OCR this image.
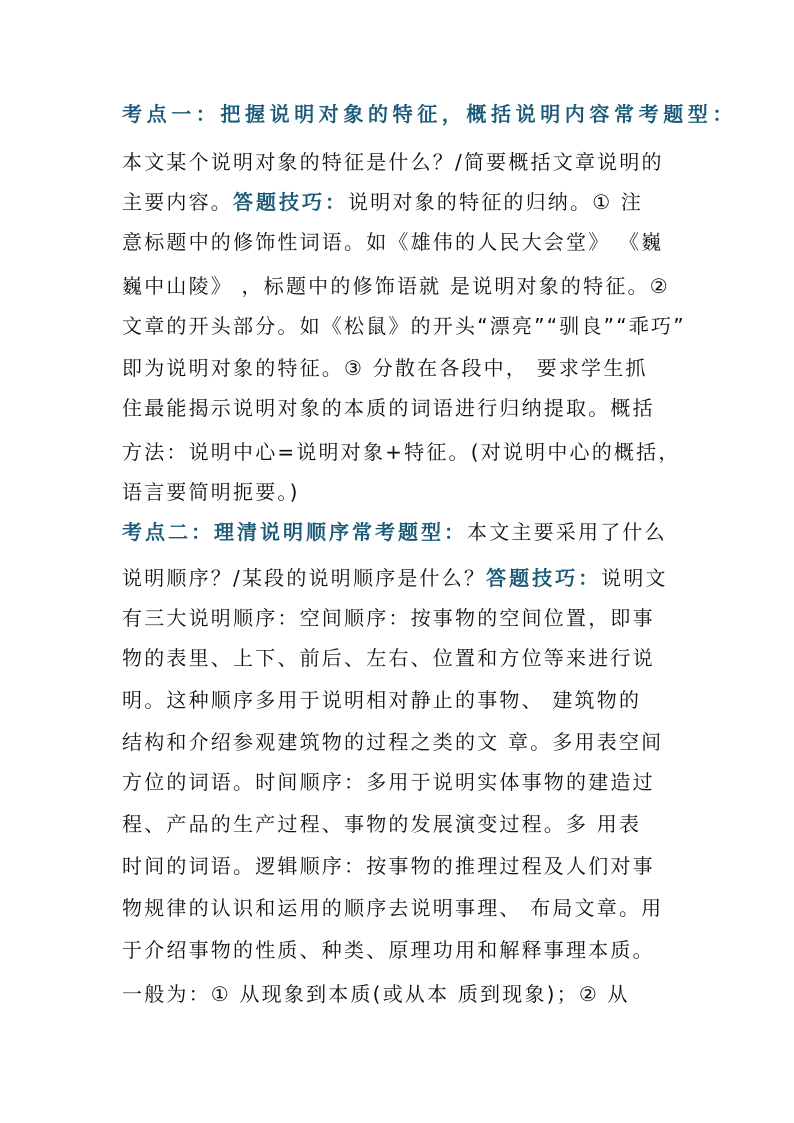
考点一：把握说明对象的特征，概括说明内容常考题型：
本文某个说明对象的特征是什么？/简要概括文章说明的
主要内容。答题技巧：说明对象的特征的归纳。① 注
意标题中的修饰性词语。如《雄伟的人民大会堂》 《巍
巍中山陵》 ，标题中的修饰语就 是说明对象的特征。②
文章的开头部分。如《松鼠》的开头“漂亮”“驯良”“乖巧”
即为说明对象的特征。③ 分散在各段中， 要求学生抓
住最能揭示说明对象的本质的词语进行归纳提取。概括
方法：说明中心=说明对象+特征。(对说明中心的概括，
语言要简明扼要。)
考点二：理清说明顺序常考题型：本文主要采用了什么
说明顺序？/某段的说明顺序是什么？答题技巧：说明文
有三大说明顺序：空间顺序：按事物的空间位置，即事
物的表里、上下、前后、左右、位置和方位等来进行说
明。这种顺序多用于说明相对静止的事物、 建筑物的
结构和介绍参观建筑物的过程之类的文 章。多用表空间
方位的词语。时间顺序：多用于说明实体事物的建造过
程、产品的生产过程、事物的发展演变过程。多 用表
时间的词语。逻辑顺序：按事物的推理过程及人们对事
物规律的认识和运用的顺序去说明事理、 布局文章。用
于介绍事物的性质、种类、原理功用和解释事理本质。
一般为：① 从现象到本质(或从本 质到现象)；② 从
